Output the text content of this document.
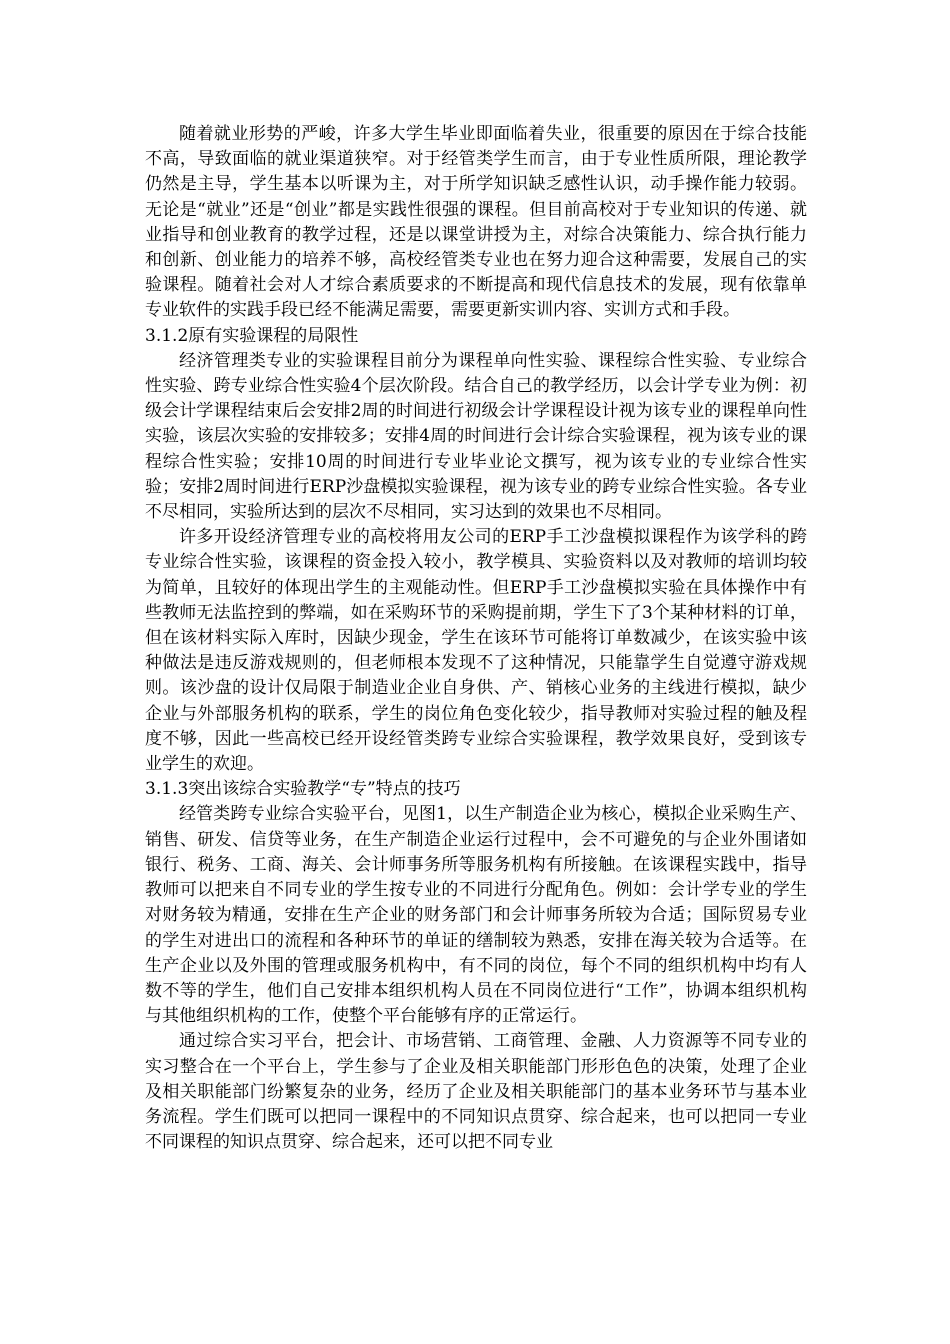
随着就业形势的严峻，许多大学生毕业即面临着失业，很重要的原因在于综合技能不高，导致面临的就业渠道狭窄。对于经管类学生而言，由于专业性质所限，理论教学仍然是主导，学生基本以听课为主，对于所学知识缺乏感性认识，动手操作能力较弱。无论是“就业”还是“创业”都是实践性很强的课程。但目前高校对于专业知识的传递、就业指导和创业教育的教学过程，还是以课堂讲授为主，对综合决策能力、综合执行能力和创新、创业能力的培养不够，高校经管类专业也在努力迎合这种需要，发展自己的实验课程。随着社会对人才综合素质要求的不断提高和现代信息技术的发展，现有依靠单专业软件的实践手段已经不能满足需要，需要更新实训内容、实训方式和手段。

3.1.2原有实验课程的局限性

经济管理类专业的实验课程目前分为课程单向性实验、课程综合性实验、专业综合性实验、跨专业综合性实验4个层次阶段。结合自己的教学经历，以会计学专业为例：初级会计学课程结束后会安排2周的时间进行初级会计学课程设计视为该专业的课程单向性实验，该层次实验的安排较多；安排4周的时间进行会计综合实验课程，视为该专业的课程综合性实验；安排10周的时间进行专业毕业论文撰写，视为该专业的专业综合性实验；安排2周时间进行ERP沙盘模拟实验课程，视为该专业的跨专业综合性实验。各专业不尽相同，实验所达到的层次不尽相同，实习达到的效果也不尽相同。

许多开设经济管理专业的高校将用友公司的ERP手工沙盘模拟课程作为该学科的跨专业综合性实验，该课程的资金投入较小，教学模具、实验资料以及对教师的培训均较为简单，且较好的体现出学生的主观能动性。但ERP手工沙盘模拟实验在具体操作中有些教师无法监控到的弊端，如在采购环节的采购提前期，学生下了3个某种材料的订单，但在该材料实际入库时，因缺少现金，学生在该环节可能将订单数减少，在该实验中该种做法是违反游戏规则的，但老师根本发现不了这种情况，只能靠学生自觉遵守游戏规则。该沙盘的设计仅局限于制造业企业自身供、产、销核心业务的主线进行模拟，缺少企业与外部服务机构的联系，学生的岗位角色变化较少，指导教师对实验过程的触及程度不够，因此一些高校已经开设经管类跨专业综合实验课程，教学效果良好，受到该专业学生的欢迎。

3.1.3突出该综合实验教学“专”特点的技巧

经管类跨专业综合实验平台，见图1，以生产制造企业为核心，模拟企业采购生产、销售、研发、信贷等业务，在生产制造企业运行过程中，会不可避免的与企业外围诸如银行、税务、工商、海关、会计师事务所等服务机构有所接触。在该课程实践中，指导教师可以把来自不同专业的学生按专业的不同进行分配角色。例如：会计学专业的学生对财务较为精通，安排在生产企业的财务部门和会计师事务所较为合适；国际贸易专业的学生对进出口的流程和各种环节的单证的缮制较为熟悉，安排在海关较为合适等。在生产企业以及外围的管理或服务机构中，有不同的岗位，每个不同的组织机构中均有人数不等的学生，他们自己安排本组织机构人员在不同岗位进行“工作”，协调本组织机构与其他组织机构的工作，使整个平台能够有序的正常运行。

通过综合实习平台，把会计、市场营销、工商管理、金融、人力资源等不同专业的实习整合在一个平台上，学生参与了企业及相关职能部门形形色色的决策，处理了企业及相关职能部门纷繁复杂的业务，经历了企业及相关职能部门的基本业务环节与基本业务流程。学生们既可以把同一课程中的不同知识点贯穿、综合起来，也可以把同一专业不同课程的知识点贯穿、综合起来，还可以把不同专业
